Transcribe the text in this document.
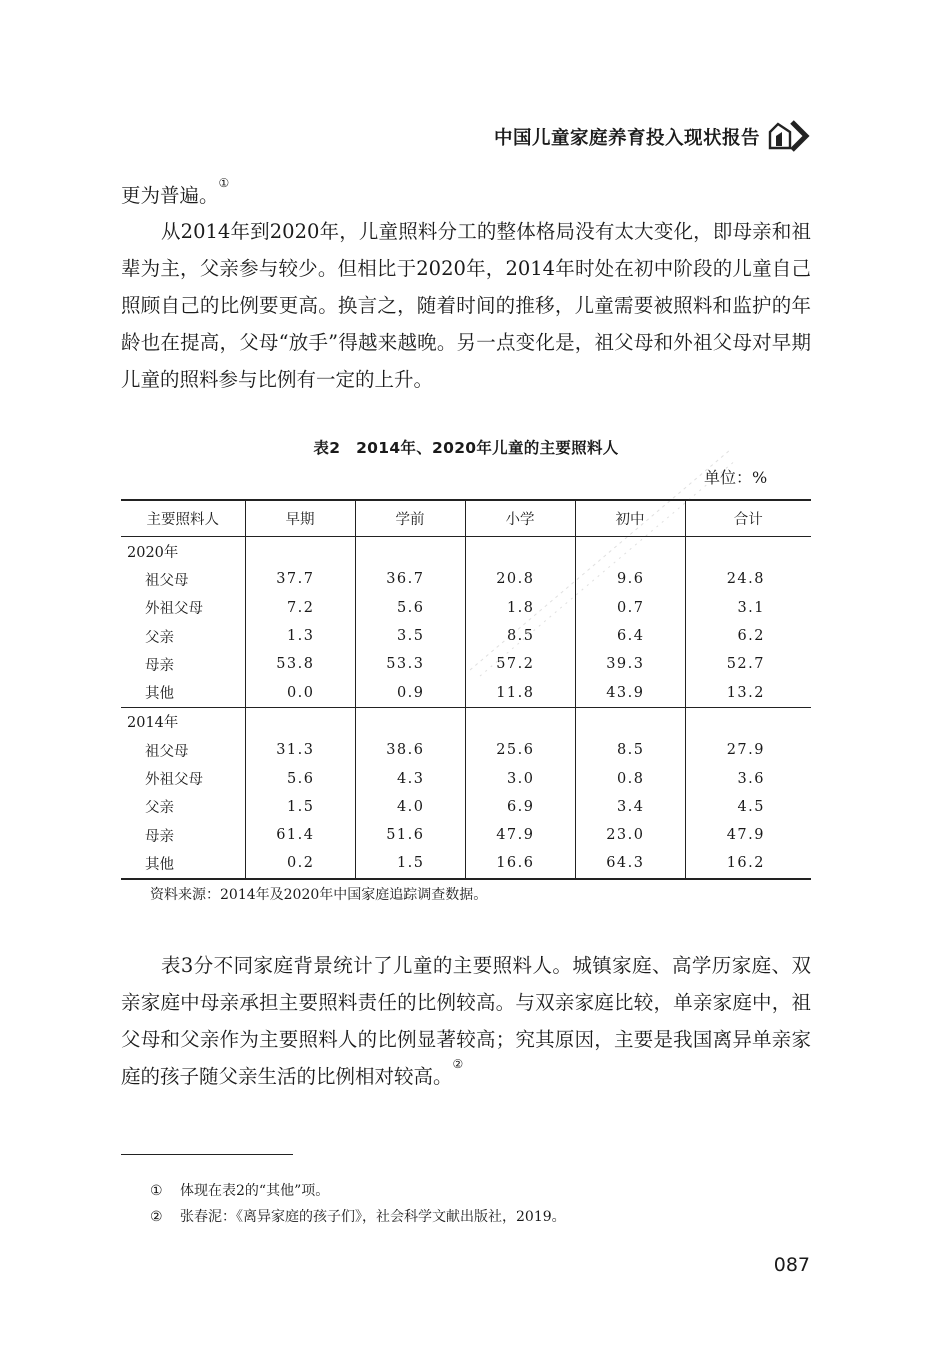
中国儿童家庭养育投入现状报告

更为普遍。①

从2014年到2020年，儿童照料分工的整体格局没有太大变化，即母亲和祖辈为主，父亲参与较少。但相比于2020年，2014年时处在初中阶段的儿童自己照顾自己的比例要更高。换言之，随着时间的推移，儿童需要被照料和监护的年龄也在提高，父母“放手”得越来越晚。另一点变化是，祖父母和外祖父母对早期儿童的照料参与比例有一定的上升。

表2　2014年、2020年儿童的主要照料人
单位：%
主要照料人	早期	学前	小学	初中	合计
2020年					
祖父母	37.7	36.7	20.8	9.6	24.8
外祖父母	7.2	5.6	1.8	0.7	3.1
父亲	1.3	3.5	8.5	6.4	6.2
母亲	53.8	53.3	57.2	39.3	52.7
其他	0.0	0.9	11.8	43.9	13.2
2014年					
祖父母	31.3	38.6	25.6	8.5	27.9
外祖父母	5.6	4.3	3.0	0.8	3.6
父亲	1.5	4.0	6.9	3.4	4.5
母亲	61.4	51.6	47.9	23.0	47.9
其他	0.2	1.5	16.6	64.3	16.2
资料来源：2014年及2020年中国家庭追踪调查数据。

表3分不同家庭背景统计了儿童的主要照料人。城镇家庭、高学历家庭、双亲家庭中母亲承担主要照料责任的比例较高。与双亲家庭比较，单亲家庭中，祖父母和父亲作为主要照料人的比例显著较高；究其原因，主要是我国离异单亲家庭的孩子随父亲生活的比例相对较高。②

① 体现在表2的“其他”项。
② 张春泥：《离异家庭的孩子们》，社会科学文献出版社，2019。
087
